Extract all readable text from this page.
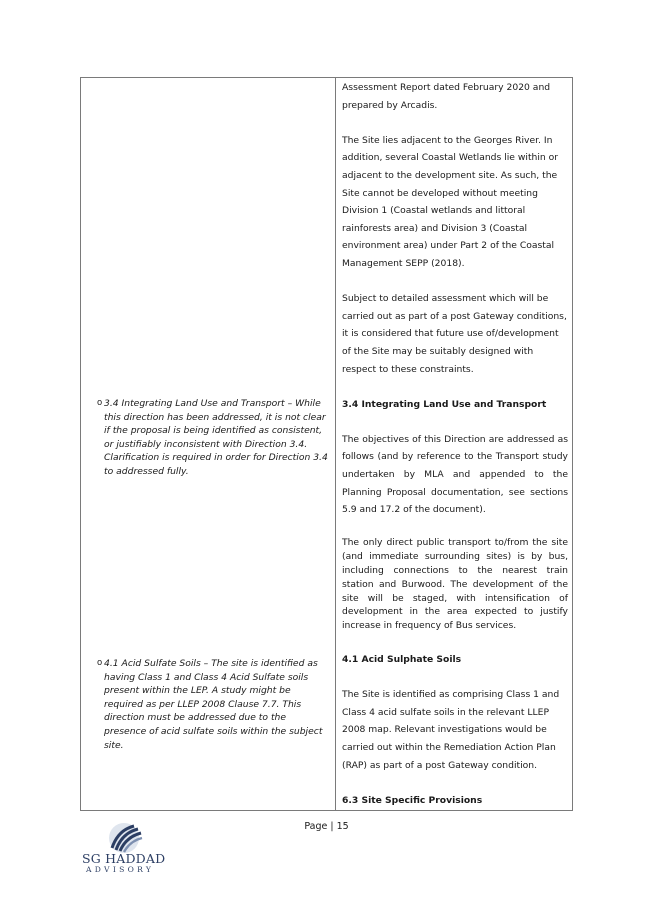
Assessment Report dated February 2020 and prepared by Arcadis.

The Site lies adjacent to the Georges River. In addition, several Coastal Wetlands lie within or adjacent to the development site. As such, the Site cannot be developed without meeting Division 1 (Coastal wetlands and littoral rainforests area) and Division 3 (Coastal environment area) under Part 2 of the Coastal Management SEPP (2018).

Subject to detailed assessment which will be carried out as part of a post Gateway conditions, it is considered that future use of/development of the Site may be suitably designed with respect to these constraints.

3.4 Integrating Land Use and Transport

The objectives of this Direction are addressed as follows (and by reference to the Transport study undertaken by MLA and appended to the Planning Proposal documentation, see sections 5.9 and 17.2 of the document).

The only direct public transport to/from the site (and immediate surrounding sites) is by bus, including connections to the nearest train station and Burwood. The development of the site will be staged, with intensification of development in the area expected to justify increase in frequency of Bus services.

4.1 Acid Sulphate Soils

The Site is identified as comprising Class 1 and Class 4 acid sulfate soils in the relevant LLEP 2008 map. Relevant investigations would be carried out within the Remediation Action Plan (RAP) as part of a post Gateway condition.

6.3 Site Specific Provisions

o 3.4 Integrating Land Use and Transport – While this direction has been addressed, it is not clear if the proposal is being identified as consistent, or justifiably inconsistent with Direction 3.4. Clarification is required in order for Direction 3.4 to addressed fully.
o 4.1 Acid Sulfate Soils – The site is identified as having Class 1 and Class 4 Acid Sulfate soils present within the LEP. A study might be required as per LLEP 2008 Clause 7.7. This direction must be addressed due to the presence of acid sulfate soils within the subject site.
Page | 15
SG HADDAD
ADVISORY
